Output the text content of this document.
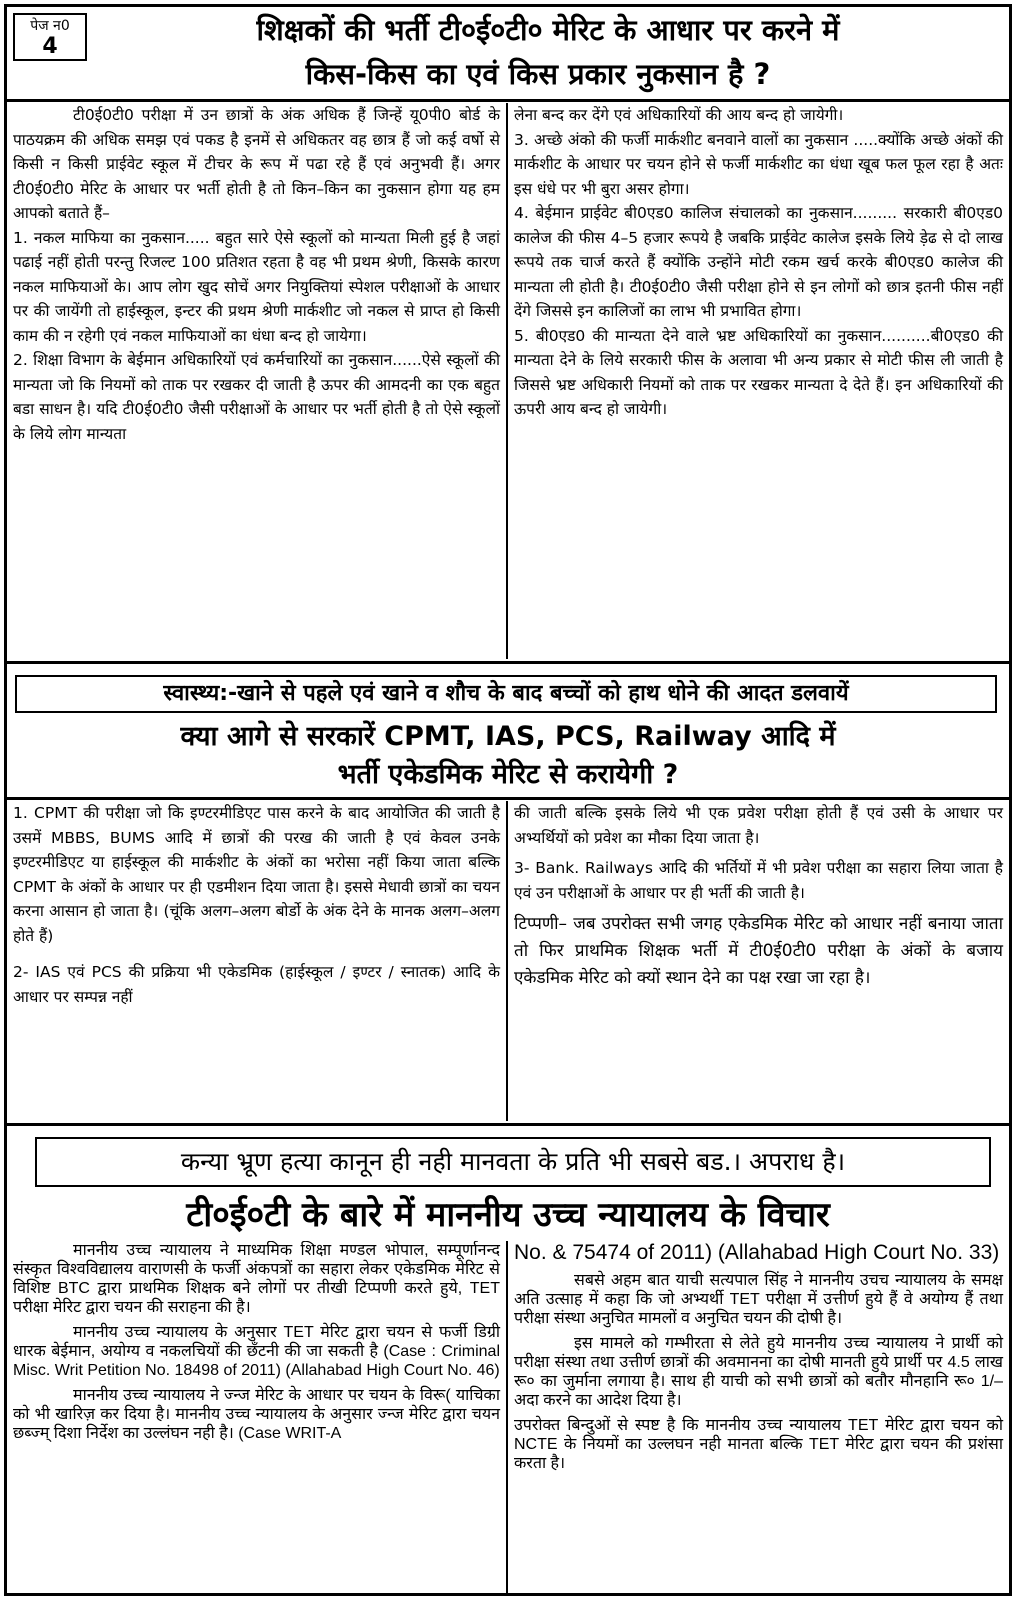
पेज न0
4	शिक्षकों की भर्ती टी०ई०टी० मेरिट के आधार पर करने में
किस-किस का एवं किस प्रकार नुकसान है ?

टी0ई0टी0 परीक्षा में उन छात्रों के अंक अधिक हैं जिन्हें यू0पी0 बोर्ड के पाठयक्रम की अधिक समझ एवं पकड है इनमें से अधिकतर वह छात्र हैं जो कई वर्षो से किसी न किसी प्राईवेट स्कूल में टीचर के रूप में पढा रहे हैं एवं अनुभवी हैं। अगर टी0ई0टी0 मेरिट के आधार पर भर्ती होती है तो किन–किन का नुकसान होगा यह हम आपको बताते हैं–

1. नकल माफिया का नुकसान..... बहुत सारे ऐसे स्कूलों को मान्यता मिली हुई है जहां पढाई नहीं होती परन्तु रिजल्ट 100 प्रतिशत रहता है वह भी प्रथम श्रेणी, किसके कारण नकल माफियाओं के। आप लोग खुद सोचें अगर नियुक्तियां स्पेशल परीक्षाओं के आधार पर की जायेंगी तो हाईस्कूल, इन्टर की प्रथम श्रेणी मार्कशीट जो नकल से प्राप्त हो किसी काम की न रहेगी एवं नकल माफियाओं का धंधा बन्द हो जायेगा।

2. शिक्षा विभाग के बेईमान अधिकारियों एवं कर्मचारियों का नुकसान......ऐसे स्कूलों की मान्यता जो कि नियमों को ताक पर रखकर दी जाती है ऊपर की आमदनी का एक बहुत बडा साधन है। यदि टी0ई0टी0 जैसी परीक्षाओं के आधार पर भर्ती होती है तो ऐसे स्कूलों के लिये लोग मान्यता

लेना बन्द कर देंगे एवं अधिकारियों की आय बन्द हो जायेगी।

3. अच्छे अंको की फर्जी मार्कशीट बनवाने वालों का नुकसान .....क्योंकि अच्छे अंकों की मार्कशीट के आधार पर चयन होने से फर्जी मार्कशीट का धंधा खूब फल फूल रहा है अतः इस धंधे पर भी बुरा असर होगा।

4. बेईमान प्राईवेट बी0एड0 कालिज संचालको का नुकसान......... सरकारी बी0एड0 कालेज की फीस 4–5 हजार रूपये है जबकि प्राईवेट कालेज इसके लिये ड़ेढ से दो लाख रूपये तक चार्ज करते हैं क्योंकि उन्होंने मोटी रकम खर्च करके बी0एड0 कालेज की मान्यता ली होती है। टी0ई0टी0 जैसी परीक्षा होने से इन लोगों को छात्र इतनी फीस नहीं देंगे जिससे इन कालिजों का लाभ भी प्रभावित होगा।

5. बी0एड0 की मान्यता देने वाले भ्रष्ट अधिकारियों का नुकसान..........बी0एड0 की मान्यता देने के लिये सरकारी फीस के अलावा भी अन्य प्रकार से मोटी फीस ली जाती है जिससे भ्रष्ट अधिकारी नियमों को ताक पर रखकर मान्यता दे देते हैं। इन अधिकारियों की ऊपरी आय बन्द हो जायेगी।

स्वास्थ्य:-खाने से पहले एवं खाने व शौच के बाद बच्चों को हाथ धोने की आदत डलवायें
क्या आगे से सरकारें CPMT, IAS, PCS, Railway आदि में
भर्ती एकेडमिक मेरिट से करायेगी ?

1. CPMT की परीक्षा जो कि इण्टरमीडिएट पास करने के बाद आयोजित की जाती है उसमें MBBS, BUMS आदि में छात्रों की परख की जाती है एवं केवल उनके इण्टरमीडिएट या हाईस्कूल की मार्कशीट के अंकों का भरोसा नहीं किया जाता बल्कि CPMT के अंकों के आधार पर ही एडमीशन दिया जाता है। इससे मेधावी छात्रों का चयन करना आसान हो जाता है। (चूंकि अलग–अलग बोर्डो के अंक देने के मानक अलग–अलग होते हैं)

2- IAS एवं PCS की प्रक्रिया भी एकेडमिक (हाईस्कूल / इण्टर / स्नातक) आदि के आधार पर सम्पन्न नहीं

की जाती बल्कि इसके लिये भी एक प्रवेश परीक्षा होती हैं एवं उसी के आधार पर अभ्यर्थियों को प्रवेश का मौका दिया जाता है।

3- Bank. Railways आदि की भर्तियों में भी प्रवेश परीक्षा का सहारा लिया जाता है एवं उन परीक्षाओं के आधार पर ही भर्ती की जाती है।

टिप्पणी– जब उपरोक्त सभी जगह एकेडमिक मेरिट को आधार नहीं बनाया जाता तो फिर प्राथमिक शिक्षक भर्ती में टी0ई0टी0 परीक्षा के अंकों के बजाय एकेडमिक मेरिट को क्यों स्थान देने का पक्ष रखा जा रहा है।

कन्या भ्रूण हत्या कानून ही नही मानवता के प्रति भी सबसे बड.। अपराध है।
टी०ई०टी के बारे में माननीय उच्च न्यायालय के विचार

माननीय उच्च न्यायालय ने माध्यमिक शिक्षा मण्डल भोपाल, सम्पूर्णानन्द संस्कृत विश्वविद्यालय वाराणसी के फर्जी अंकपत्रों का सहारा लेकर एकेडमिक मेरिट से विशिष्ट BTC द्वारा प्राथमिक शिक्षक बने लोगों पर तीखी टिप्पणी करते हुये, TET परीक्षा मेरिट द्वारा चयन की सराहना की है।

माननीय उच्च न्यायालय के अनुसार TET मेरिट द्वारा चयन से फर्जी डिग्री धारक बेईमान, अयोग्य व नकलचियों की छँटनी की जा सकती है (Case : Criminal Misc. Writ Petition No. 18498 of 2011) (Allahabad High Court No. 46)

माननीय उच्च न्यायालय ने ज्न्ज मेरिट के आधार पर चयन के विरू( याचिका को भी खारिज़ कर दिया है। माननीय उच्च न्यायालय के अनुसार ज्न्ज मेरिट द्वारा चयन छब्ज्म् दिशा निर्देश का उल्लंघन नही है। (Case WRIT-A

No. & 75474 of 2011) (Allahabad High Court No. 33)

सबसे अहम बात याची सत्यपाल सिंह ने माननीय उचच न्यायालय के समक्ष अति उत्साह में कहा कि जो अभ्यर्थी TET परीक्षा में उत्तीर्ण हुये हैं वे अयोग्य हैं तथा परीक्षा संस्था अनुचित मामलों व अनुचित चयन की दोषी है।

इस मामले को गम्भीरता से लेते हुये माननीय उच्च न्यायालय ने प्रार्थी को परीक्षा संस्था तथा उत्तीर्ण छात्रों की अवमानना का दोषी मानती हुये प्रार्थी पर 4.5 लाख रू० का जुर्माना लगाया है। साथ ही याची को सभी छात्रों को बतौर मौनहानि रू० 1/– अदा करने का आदेश दिया है।

उपरोक्त बिन्दुओं से स्पष्ट है कि माननीय उच्च न्यायालय TET मेरिट द्वारा चयन को NCTE के नियमों का उल्लघन नही मानता बल्कि TET मेरिट द्वारा चयन की प्रशंसा करता है।
